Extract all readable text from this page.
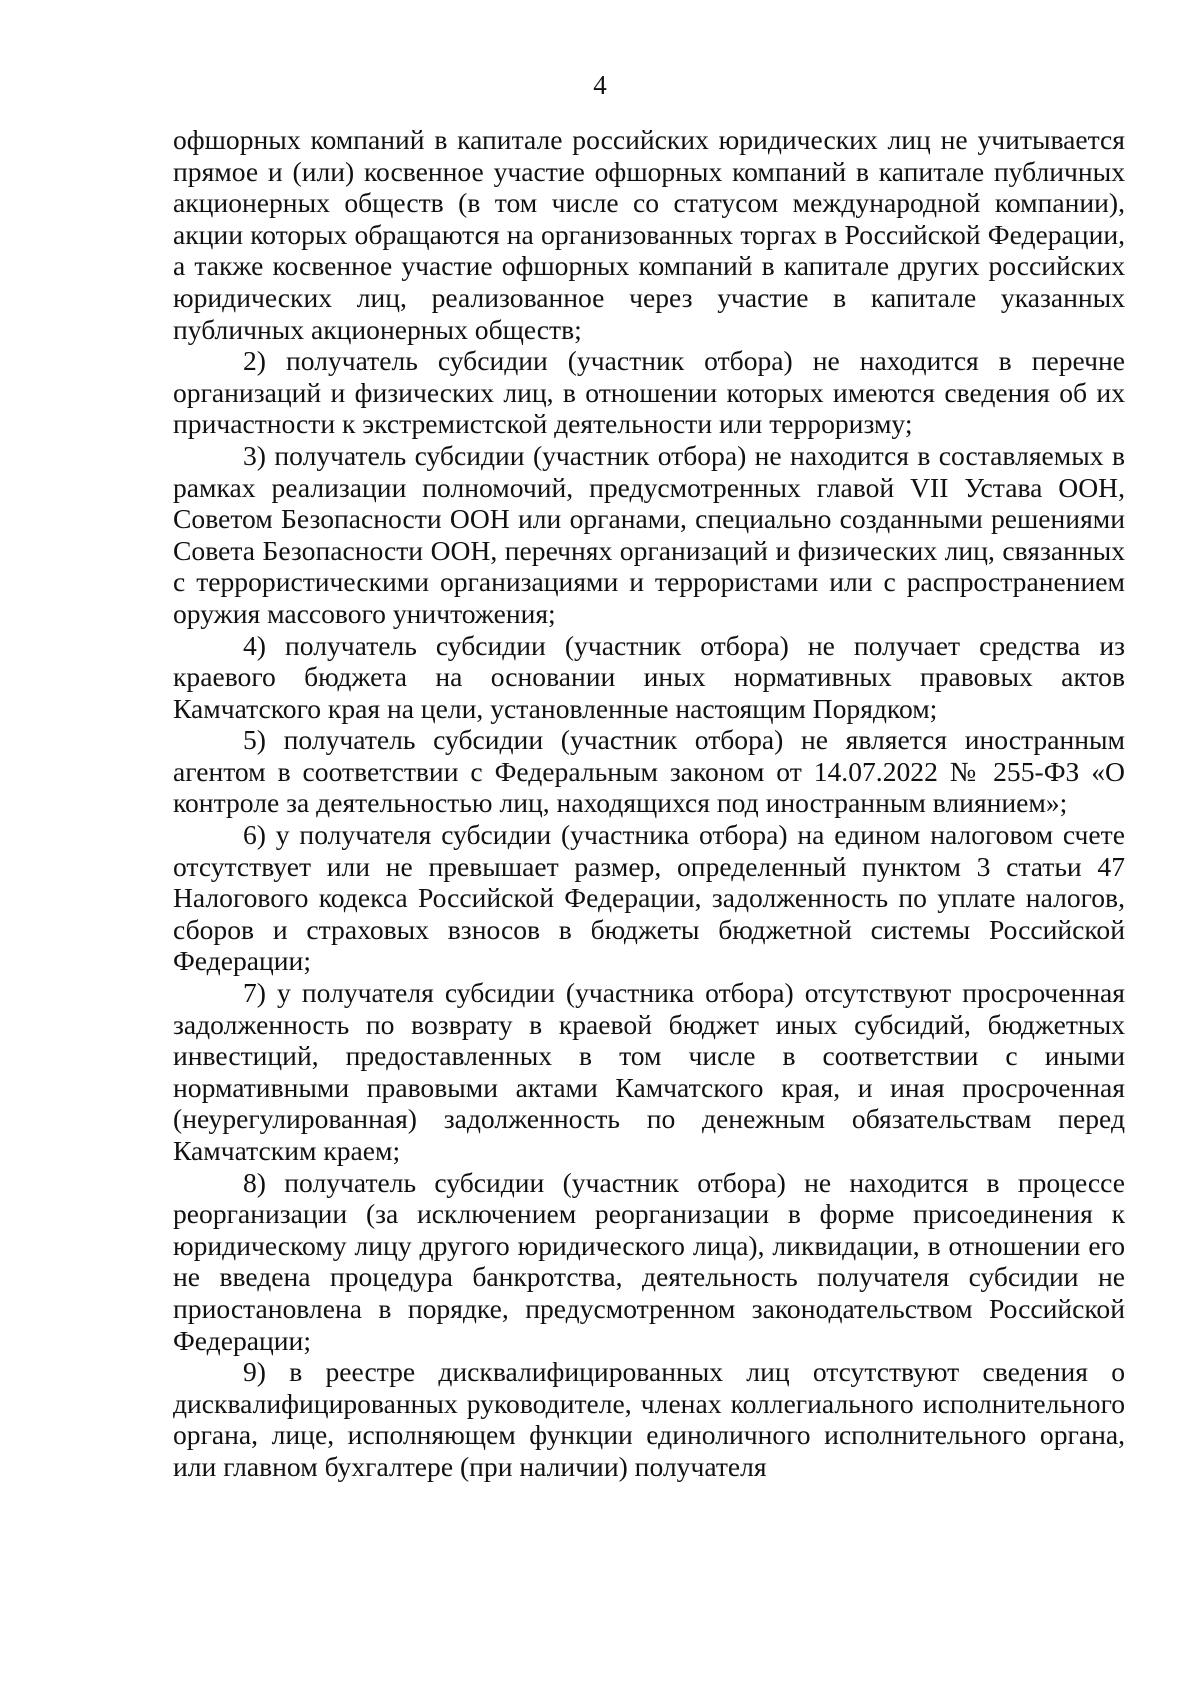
4

офшорных компаний в капитале российских юридических лиц не учитывается прямое и (или) косвенное участие офшорных компаний в капитале публичных акционерных обществ (в том числе со статусом международной компании), акции которых обращаются на организованных торгах в Российской Федерации, а также косвенное участие офшорных компаний в капитале других российских юридических лиц, реализованное через участие в капитале указанных публичных акционерных обществ;

2) получатель субсидии (участник отбора) не находится в перечне организаций и физических лиц, в отношении которых имеются сведения об их причастности к экстремистской деятельности или терроризму;

3) получатель субсидии (участник отбора) не находится в составляемых в рамках реализации полномочий, предусмотренных главой VII Устава ООН, Советом Безопасности ООН или органами, специально созданными решениями Совета Безопасности ООН, перечнях организаций и физических лиц, связанных с террористическими организациями и террористами или с распространением оружия массового уничтожения;

4) получатель субсидии (участник отбора) не получает средства из краевого бюджета на основании иных нормативных правовых актов Камчатского края на цели, установленные настоящим Порядком;

5) получатель субсидии (участник отбора) не является иностранным агентом в соответствии с Федеральным законом от 14.07.2022 № 255-ФЗ «О контроле за деятельностью лиц, находящихся под иностранным влиянием»;

6) у получателя субсидии (участника отбора) на едином налоговом счете отсутствует или не превышает размер, определенный пунктом 3 статьи 47 Налогового кодекса Российской Федерации, задолженность по уплате налогов, сборов и страховых взносов в бюджеты бюджетной системы Российской Федерации;

7) у получателя субсидии (участника отбора) отсутствуют просроченная задолженность по возврату в краевой бюджет иных субсидий, бюджетных инвестиций, предоставленных в том числе в соответствии с иными нормативными правовыми актами Камчатского края, и иная просроченная (неурегулированная) задолженность по денежным обязательствам перед Камчатским краем;

8) получатель субсидии (участник отбора) не находится в процессе реорганизации (за исключением реорганизации в форме присоединения к юридическому лицу другого юридического лица), ликвидации, в отношении его не введена процедура банкротства, деятельность получателя субсидии не приостановлена в порядке, предусмотренном законодательством Российской Федерации;

9) в реестре дисквалифицированных лиц отсутствуют сведения о дисквалифицированных руководителе, членах коллегиального исполнительного органа, лице, исполняющем функции единоличного исполнительного органа, или главном бухгалтере (при наличии) получателя
